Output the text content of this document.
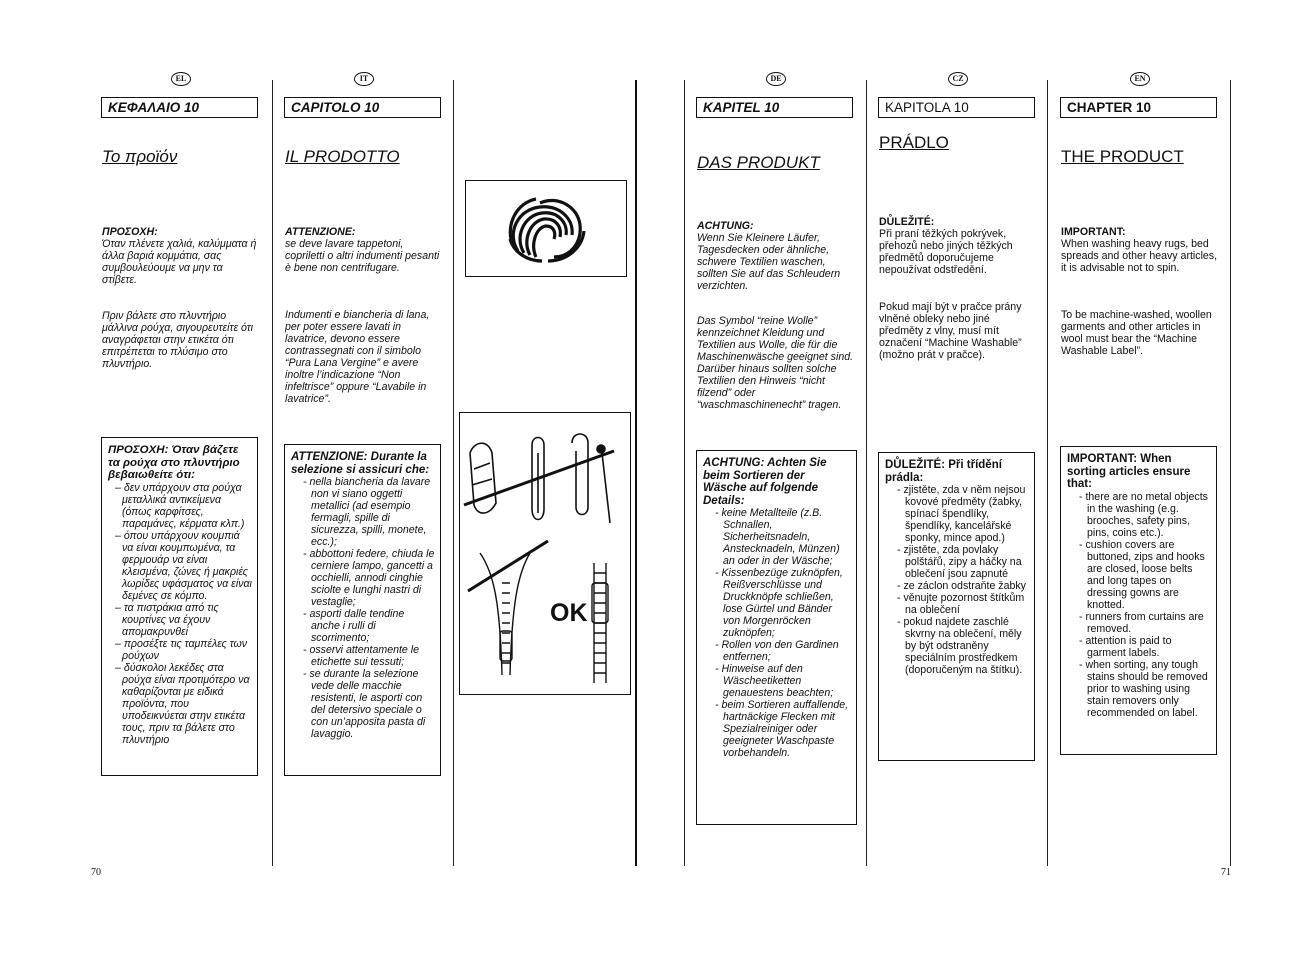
EL
ΚΕΦΑΛΑΙΟ 10
Το προϊόν
ΠΡΟΣΟΧΗ:
Όταν πλένετε χαλιά, καλύμματα ή άλλα βαριά κομμάτια, σας συμβουλεύουμε να μην τα στίβετε.
Πριν βάλετε στο πλυντήριο μάλλινα ρούχα, σιγουρευτείτε ότι αναγράφεται στην ετικέτα ότι επιτρέπεται το πλύσιμο στο πλυντήριο.
ΠΡΟΣΟΧΗ: Όταν βάζετε τα ρούχα στο πλυντήριο βεβαιωθείτε ότι:
– δεν υπάρχουν στα ρούχα μεταλλικά αντικείμενα (όπως καρφίτσες, παραμάνες, κέρματα κλπ.)
– όπου υπάρχουν κουμπιά να είναι κουμπωμένα, τα φερμουάρ να είναι κλεισμένα, ζώνες ή μακριές λωρίδες υφάσματος να είναι δεμένες σε κόμπο.
– τα πιστράκια από τις κουρτίνες να έχουν απομακρυνθεί
– προσέξτε τις ταμπέλες των ρούχων
– δύσκολοι λεκέδες στα ρούχα είναι προτιμότερο να καθαρίζονται με ειδικά προϊόντα, που υποδεικνύεται στην ετικέτα τους, πριν τα βάλετε στο πλυντήριο
IT
CAPITOLO 10
IL PRODOTTO
ATTENZIONE:
se deve lavare tappetoni, copriletti o altri indumenti pesanti è bene non centrifugare.
Indumenti e biancheria di lana, per poter essere lavati in lavatrice, devono essere contrassegnati con il simbolo “Pura Lana Vergine” e avere inoltre l’indicazione “Non infeltrisce” oppure “Lavabile in lavatrice”.
ATTENZIONE: Durante la selezione si assicuri che:
- nella biancheria da lavare non vi siano oggetti metallici (ad esempio fermagli, spille di sicurezza, spilli, monete, ecc.);
- abbottoni federe, chiuda le cerniere lampo, gancetti a occhielli, annodi cinghie sciolte e lunghi nastri di vestaglie;
- asporti dalle tendine anche i rulli di scorrimento;
- osservi attentamente le etichette sui tessuti;
- se durante la selezione vede delle macchie resistenti, le asporti con del detersivo speciale o con un’apposita pasta di lavaggio.
OK
DE
KAPITEL 10
DAS PRODUKT
ACHTUNG:
Wenn Sie Kleinere Läufer, Tagesdecken oder ähnliche, schwere Textilien waschen, sollten Sie auf das Schleudern verzichten.
Das Symbol “reine Wolle” kennzeichnet Kleidung und Textilien aus Wolle, die für die Maschinenwäsche geeignet sind. Darüber hinaus sollten solche Textilien den Hinweis “nicht filzend” oder “waschmaschinenecht” tragen.
ACHTUNG: Achten Sie beim Sortieren der Wäsche auf folgende Details:
- keine Metallteile (z.B. Schnallen, Sicherheitsnadeln, Anstecknadeln, Münzen) an oder in der Wäsche;
- Kissenbezüge zuknöpfen, Reißverschlüsse und Druckknöpfe schließen, lose Gürtel und Bänder von Morgenröcken zuknöpfen;
- Rollen von den Gardinen entfernen;
- Hinweise auf den Wäscheetiketten genauestens beachten;
- beim Sortieren auffallende, hartnäckige Flecken mit Spezialreiniger oder geeigneter Waschpaste vorbehandeln.
CZ
KAPITOLA 10
PRÁDLO
DŮLEŽITÉ:
Při praní těžkých pokrývek, přehozů nebo jiných těžkých předmětů doporučujeme nepoužívat odstředění.
Pokud mají být v pračce prány vlněné obleky nebo jiné předměty z vlny, musí mít označení “Machine Washable” (možno prát v pračce).
DŮLEŽITÉ: Při třídění prádla:
- zjistěte, zda v něm nejsou kovové předměty (žabky, spínací špendlíky, špendlíky, kancelářské sponky, mince apod.)
- zjistěte, zda povlaky polštářů, zipy a háčky na oblečení jsou zapnuté
- ze záclon odstraňte žabky
- věnujte pozornost štítkům na oblečení
- pokud najdete zaschlé skvrny na oblečení, měly by být odstraněny speciálním prostředkem (doporučeným na štítku).
EN
CHAPTER 10
THE PRODUCT
IMPORTANT:
When washing heavy rugs, bed spreads and other heavy articles, it is advisable not to spin.
To be machine-washed, woollen garments and other articles in wool must bear the “Machine Washable Label”.
IMPORTANT: When sorting articles ensure that:
- there are no metal objects in the washing (e.g. brooches, safety pins, pins, coins etc.).
- cushion covers are buttoned, zips and hooks are closed, loose belts and long tapes on dressing gowns are knotted.
- runners from curtains are removed.
- attention is paid to garment labels.
- when sorting, any tough stains should be removed prior to washing using stain removers only recommended on label.
70	71
